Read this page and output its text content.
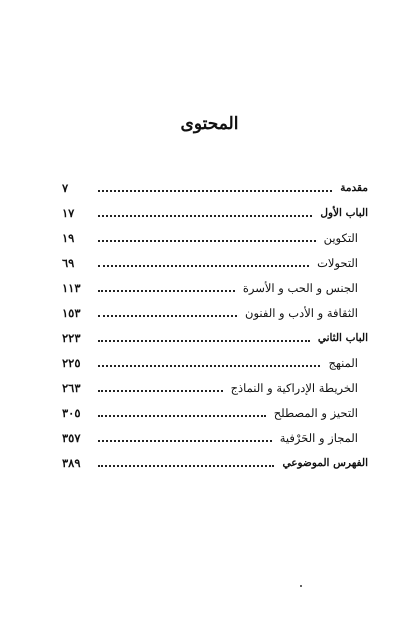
المحتوى
مقدمة
٧
الباب الأول
١٧
التكوين
١٩
التحولات
٦٩
الجنس و الحب و الأسرة
١١٣
الثقافة و الأدب و الفنون
١٥٣
الباب الثاني
٢٢٣
المنهج
٢٢٥
الخريطة الإدراكية و النماذج
٢٦٣
التحيز و المصطلح
٣٠٥
المجاز و الحَرْفية
٣٥٧
الفهرس الموضوعي
٣٨٩
